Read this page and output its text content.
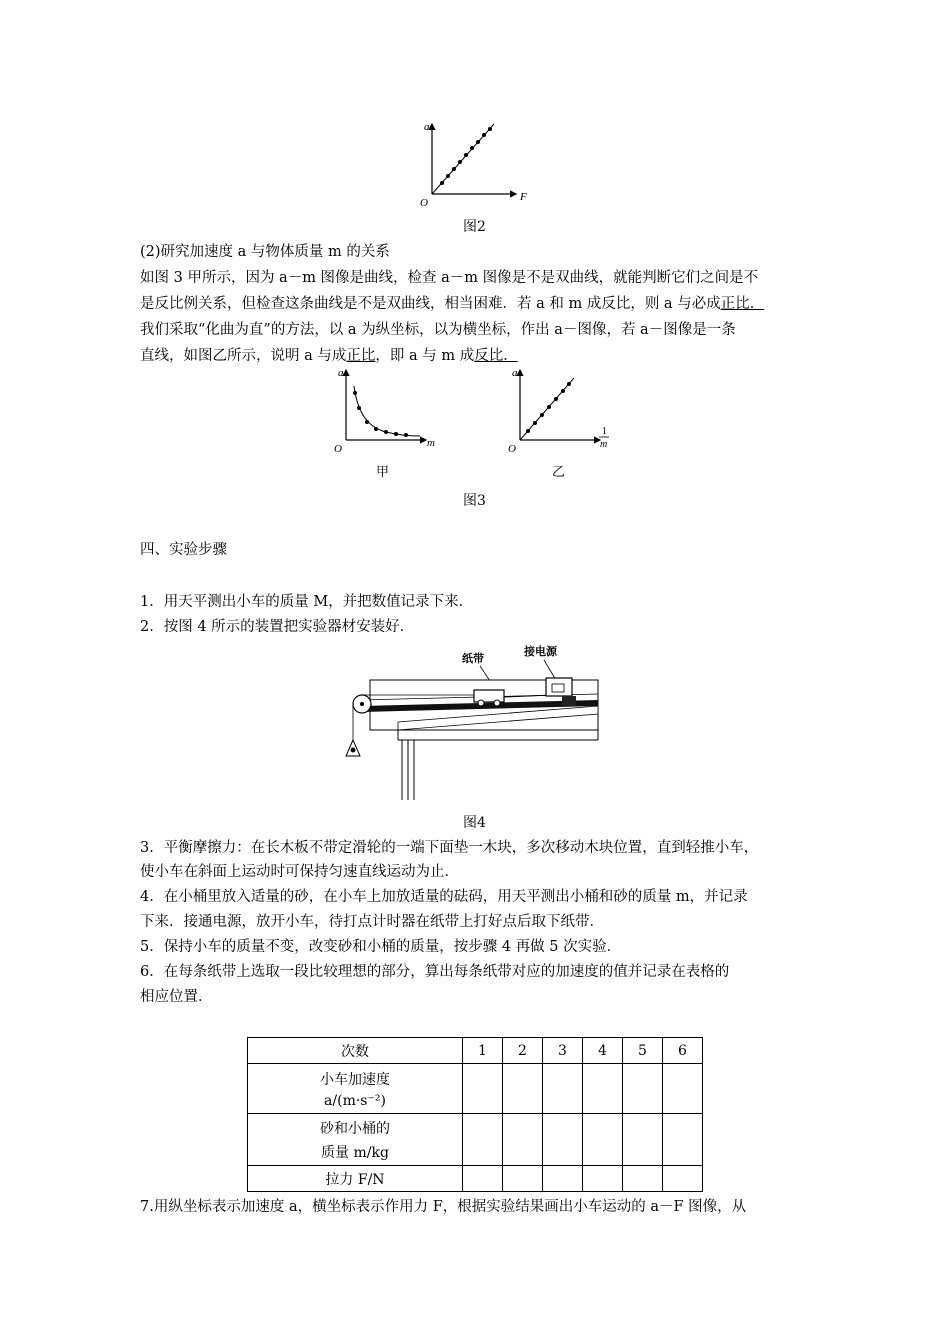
a
F
O
图2
(2)研究加速度 a 与物体质量 m 的关系
如图 3 甲所示，因为 a－m 图像是曲线，检查 a－m 图像是不是双曲线，就能判断它们之间是不
是反比例关系，但检查这条曲线是不是双曲线，相当困难．若 a 和 m 成反比，则 a 与必成正比．
我们采取“化曲为直”的方法，以 a 为纵坐标，以为横坐标，作出 a－图像，若 a－图像是一条
直线，如图乙所示，说明 a 与成正比，即 a 与 m 成反比．
a
m
O
甲
a
1
m
O
乙
图3
四、实验步骤
1．用天平测出小车的质量 M，并把数值记录下来．
2．按图 4 所示的装置把实验器材安装好．
纸带
接电源
图4
3．平衡摩擦力：在长木板不带定滑轮的一端下面垫一木块，多次移动木块位置，直到轻推小车，
使小车在斜面上运动时可保持匀速直线运动为止．
4．在小桶里放入适量的砂，在小车上加放适量的砝码，用天平测出小桶和砂的质量 m，并记录
下来．接通电源，放开小车，待打点计时器在纸带上打好点后取下纸带．
5．保持小车的质量不变，改变砂和小桶的质量，按步骤 4 再做 5 次实验．
6．在每条纸带上选取一段比较理想的部分，算出每条纸带对应的加速度的值并记录在表格的
相应位置．
次数	1	2	3	4	5	6

小车加速度
a/(m·s⁻²)						

砂和小桶的
质量 m/kg						

拉力 F/N						
7.用纵坐标表示加速度 a，横坐标表示作用力 F，根据实验结果画出小车运动的 a－F 图像，从
